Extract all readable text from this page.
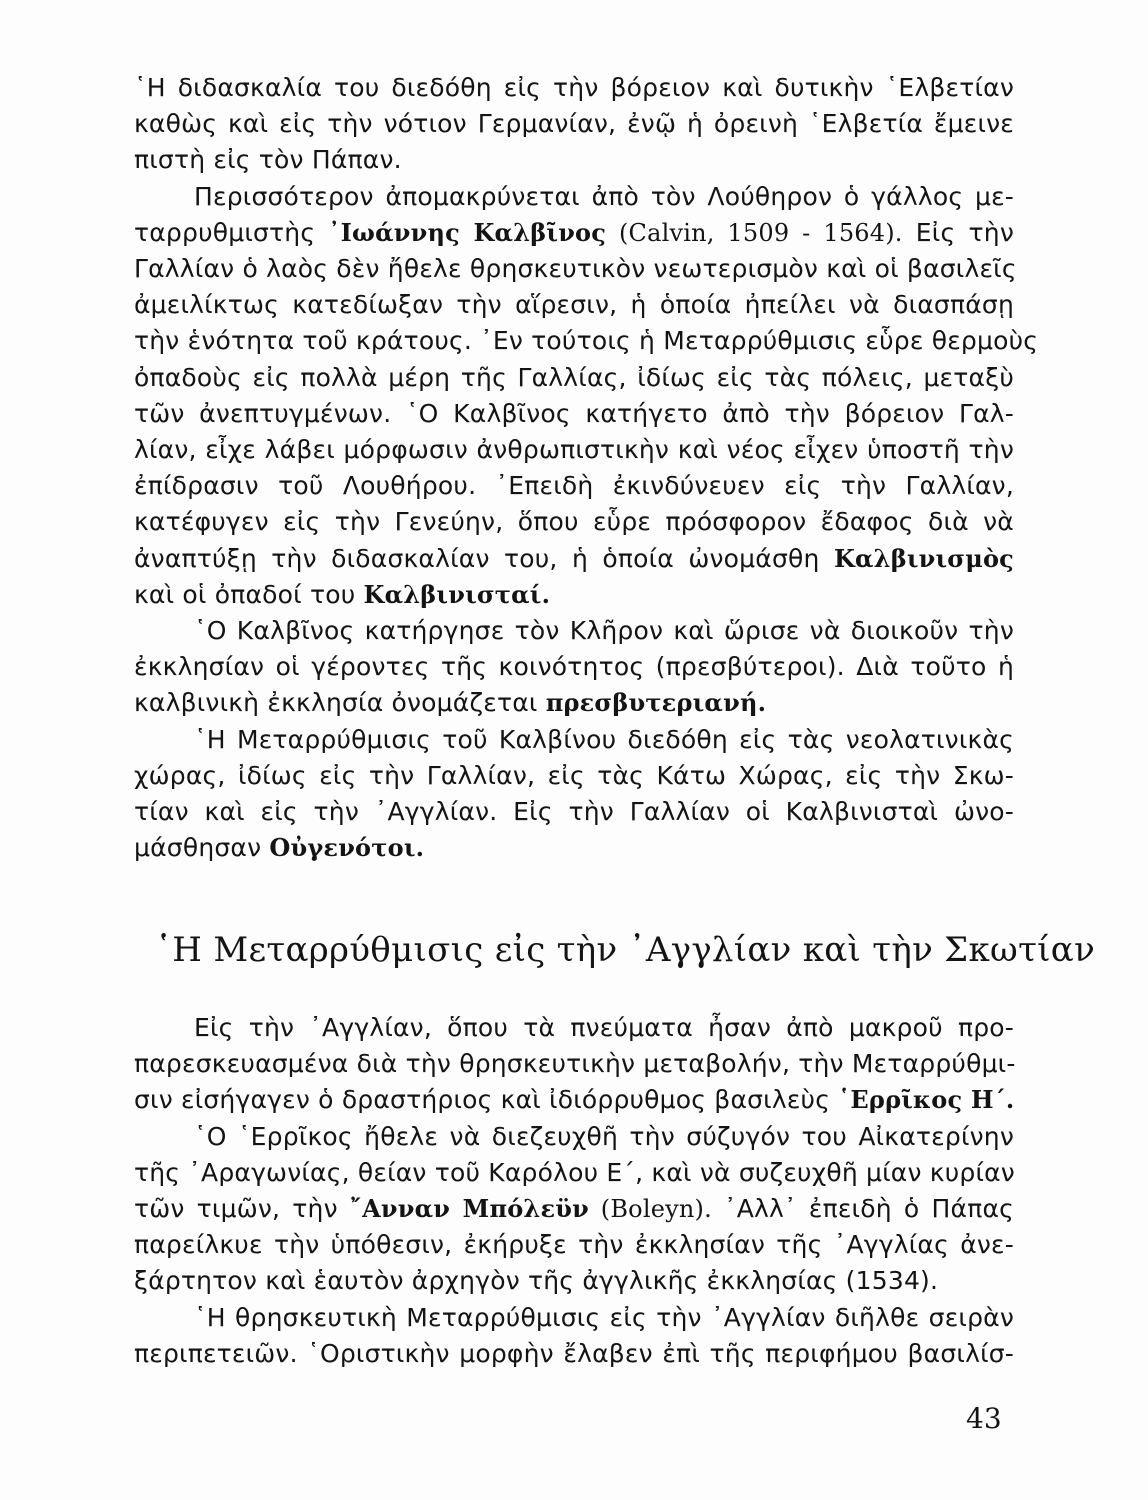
῾Η διδασκαλία του διεδόθη εἰς τὴν βόρειον καὶ δυτικὴν ῾Ελβετίαν
καθὼς καὶ εἰς τὴν νότιον Γερμανίαν, ἐνῷ ἡ ὀρεινὴ ῾Ελβετία ἔμεινε
πιστὴ εἰς τὸν Πάπαν.
Περισσότερον ἀπομακρύνεται ἀπὸ τὸν Λούθηρον ὁ γάλλος με-
ταρρυθμιστὴς ᾿Ιωάννης Καλβῖνος (Calvin, 1509 - 1564). Εἰς τὴν
Γαλλίαν ὁ λαὸς δὲν ἤθελε θρησκευτικὸν νεωτερισμὸν καὶ οἱ βασιλεῖς
ἀμειλίκτως κατεδίωξαν τὴν αἵρεσιν, ἡ ὁποία ἠπείλει νὰ διασπάσῃ
τὴν ἑνότητα τοῦ κράτους. ᾿Εν τούτοις ἡ Μεταρρύθμισις εὗρε θερμοὺς
ὀπαδοὺς εἰς πολλὰ μέρη τῆς Γαλλίας, ἰδίως εἰς τὰς πόλεις, μεταξὺ
τῶν ἀνεπτυγμένων. ῾Ο Καλβῖνος κατήγετο ἀπὸ τὴν βόρειον Γαλ-
λίαν, εἶχε λάβει μόρφωσιν ἀνθρωπιστικὴν καὶ νέος εἶχεν ὑποστῆ τὴν
ἐπίδρασιν τοῦ Λουθήρου. ᾿Επειδὴ ἐκινδύνευεν εἰς τὴν Γαλλίαν,
κατέφυγεν εἰς τὴν Γενεύην, ὅπου εὗρε πρόσφορον ἔδαφος διὰ νὰ
ἀναπτύξῃ τὴν διδασκαλίαν του, ἡ ὁποία ὠνομάσθη Καλβινισμὸς
καὶ οἱ ὀπαδοί του Καλβινισταί.
῾Ο Καλβῖνος κατήργησε τὸν Κλῆρον καὶ ὥρισε νὰ διοικοῦν τὴν
ἐκκλησίαν οἱ γέροντες τῆς κοινότητος (πρεσβύτεροι). Διὰ τοῦτο ἡ
καλβινικὴ ἐκκλησία ὀνομάζεται πρεσβυτεριανή.
῾Η Μεταρρύθμισις τοῦ Καλβίνου διεδόθη εἰς τὰς νεολατινικὰς
χώρας, ἰδίως εἰς τὴν Γαλλίαν, εἰς τὰς Κάτω Χώρας, εἰς τὴν Σκω-
τίαν καὶ εἰς τὴν ᾿Αγγλίαν. Εἰς τὴν Γαλλίαν οἱ Καλβινισταὶ ὠνο-
μάσθησαν Οὐγενότοι.
῾Η Μεταρρύθμισις εἰς τὴν ᾿Αγγλίαν καὶ τὴν Σκωτίαν
Εἰς τὴν ᾿Αγγλίαν, ὅπου τὰ πνεύματα ἦσαν ἀπὸ μακροῦ προ-
παρεσκευασμένα διὰ τὴν θρησκευτικὴν μεταβολήν, τὴν Μεταρρύθμι-
σιν εἰσήγαγεν ὁ δραστήριος καὶ ἰδιόρρυθμος βασιλεὺς ῾Ερρῖκος Η΄.
῾Ο ῾Ερρῖκος ἤθελε νὰ διεζευχθῆ τὴν σύζυγόν του Αἰκατερίνην
τῆς ᾿Αραγωνίας, θείαν τοῦ Καρόλου Ε΄, καὶ νὰ συζευχθῆ μίαν κυρίαν
τῶν τιμῶν, τὴν ῎Ανναν Μπόλεϋν (Boleyn). ᾿Αλλ᾿ ἐπειδὴ ὁ Πάπας
παρείλκυε τὴν ὑπόθεσιν, ἐκήρυξε τὴν ἐκκλησίαν τῆς ᾿Αγγλίας ἀνε-
ξάρτητον καὶ ἑαυτὸν ἀρχηγὸν τῆς ἀγγλικῆς ἐκκλησίας (1534).
῾Η θρησκευτικὴ Μεταρρύθμισις εἰς τὴν ᾿Αγγλίαν διῆλθε σειρὰν
περιπετειῶν. ῾Οριστικὴν μορφὴν ἔλαβεν ἐπὶ τῆς περιφήμου βασιλίσ-
43
